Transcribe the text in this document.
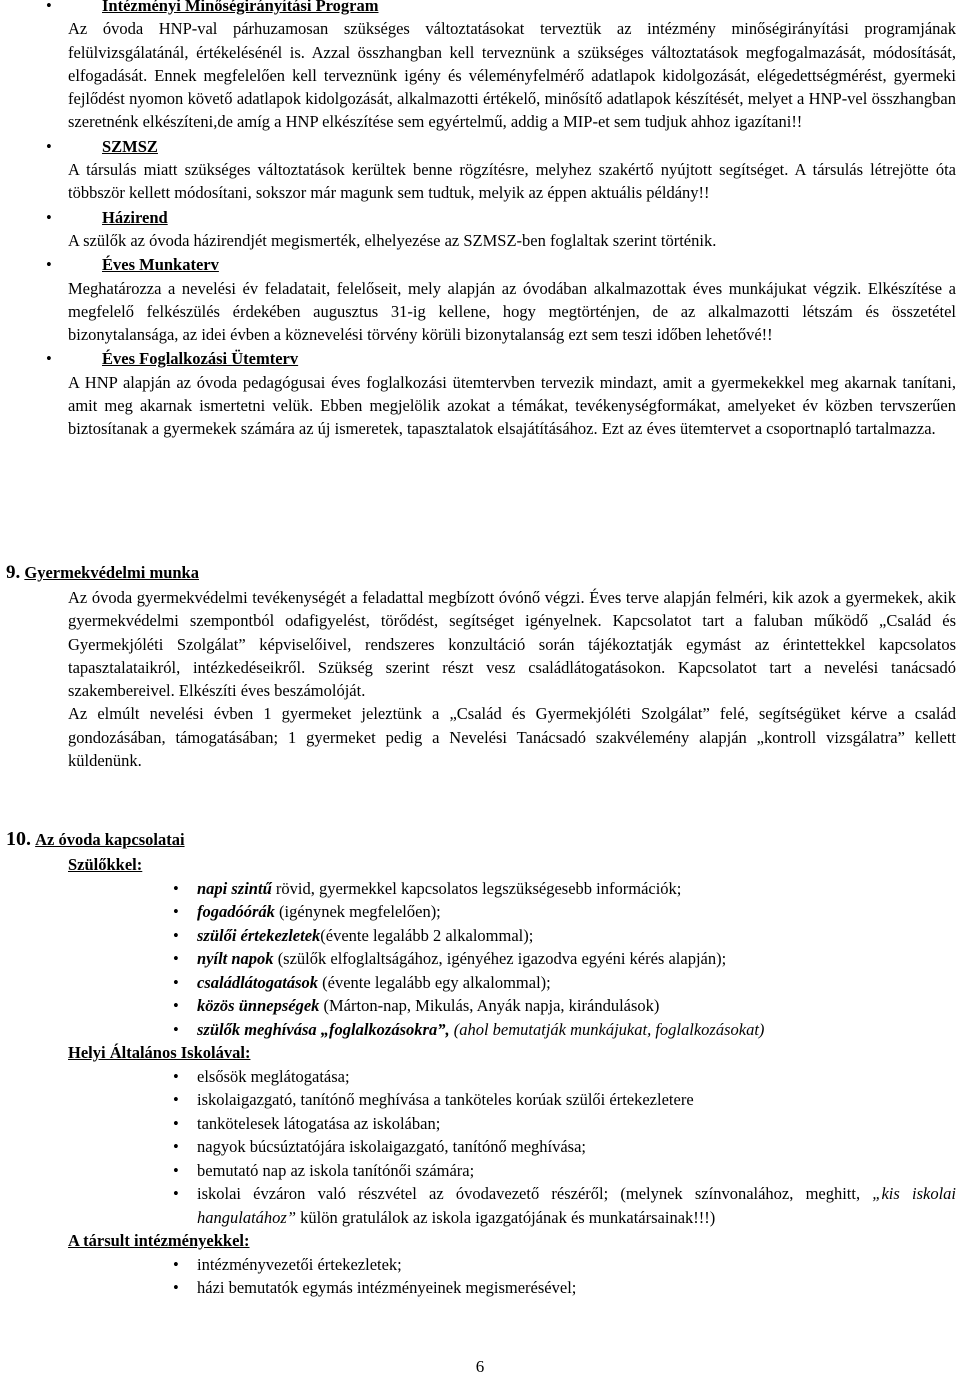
•	Intézményi Minőségirányítási Program

Az óvoda HNP-val párhuzamosan szükséges változtatásokat terveztük az intézmény minőségirányítási programjának felülvizsgálatánál, értékelésénél is. Azzal összhangban kell terveznünk a szükséges változtatások megfogalmazását, módosítását, elfogadását. Ennek megfelelően kell terveznünk igény és véleményfelmérő adatlapok kidolgozását, elégedettségmérést, gyermeki fejlődést nyomon követő adatlapok kidolgozását, alkalmazotti értékelő, minősítő adatlapok készítését, melyet a HNP-vel összhangban szeretnénk elkészíteni,de amíg a HNP elkészítése sem egyértelmű, addig a MIP-et sem tudjuk ahhoz igazítani!!

•	SZMSZ

A társulás miatt szükséges változtatások kerültek benne rögzítésre, melyhez szakértő nyújtott segítséget. A társulás létrejötte óta többször kellett módosítani, sokszor már magunk sem tudtuk, melyik az éppen aktuális példány!!

•	Házirend

A szülők az óvoda házirendjét megismerték, elhelyezése az SZMSZ-ben foglaltak szerint történik.

•	Éves Munkaterv

Meghatározza a nevelési év feladatait, felelőseit, mely alapján az óvodában alkalmazottak éves munkájukat végzik. Elkészítése a megfelelő felkészülés érdekében augusztus 31-ig kellene, hogy megtörténjen, de az alkalmazotti létszám és összetétel bizonytalansága, az idei évben a köznevelési törvény körüli bizonytalanság ezt sem teszi időben lehetővé!!

•	Éves Foglalkozási Ütemterv

A HNP alapján az óvoda pedagógusai éves foglalkozási ütemtervben tervezik mindazt, amit a gyermekekkel meg akarnak tanítani, amit meg akarnak ismertetni velük. Ebben megjelölik azokat a témákat, tevékenységformákat, amelyeket év közben tervszerűen biztosítanak a gyermekek számára az új ismeretek, tapasztalatok elsajátításához. Ezt az éves ütemtervet a csoportnapló tartalmazza.

9. Gyermekvédelmi munka

Az óvoda gyermekvédelmi tevékenységét a feladattal megbízott óvónő végzi. Éves terve alapján felméri, kik azok a gyermekek, akik gyermekvédelmi szempontból odafigyelést, törődést, segítséget igényelnek. Kapcsolatot tart a faluban működő „Család és Gyermekjóléti Szolgálat” képviselőivel, rendszeres konzultáció során tájékoztatják egymást az érintettekkel kapcsolatos tapasztalataikról, intézkedéseikről. Szükség szerint részt vesz családlátogatásokon. Kapcsolatot tart a nevelési tanácsadó szakembereivel. Elkészíti éves beszámolóját.

Az elmúlt nevelési évben 1 gyermeket jeleztünk a „Család és Gyermekjóléti Szolgálat” felé, segítségüket kérve a család gondozásában, támogatásában; 1 gyermeket pedig a Nevelési Tanácsadó szakvélemény alapján „kontroll vizsgálatra” kellett küldenünk.

10. Az óvoda kapcsolatai
Szülőkkel:
• napi szintű rövid, gyermekkel kapcsolatos legszükségesebb információk;
• fogadóórák (igénynek megfelelően);
• szülői értekezletek(évente legalább 2 alkalommal);
• nyílt napok (szülők elfoglaltságához, igényéhez igazodva egyéni kérés alapján);
• családlátogatások (évente legalább egy alkalommal);
• közös ünnepségek (Márton-nap, Mikulás, Anyák napja, kirándulások)
• szülők meghívása „foglalkozásokra”, (ahol bemutatják munkájukat, foglalkozásokat)
Helyi Általános Iskolával:
• elsősök meglátogatása;
• iskolaigazgató, tanítónő meghívása a tanköteles korúak szülői értekezletere
• tankötelesek látogatása az iskolában;
• nagyok búcsúztatójára iskolaigazgató, tanítónő meghívása;
• bemutató nap az iskola tanítónői számára;
• iskolai évzáron való részvétel az óvodavezető részéről; (melynek színvonalához, meghitt, „kis iskolai hangulatához” külön gratulálok az iskola igazgatójának és munkatársainak!!!)
A társult intézményekkel:
• intézményvezetői értekezletek;
• házi bemutatók egymás intézményeinek megismerésével;
6
